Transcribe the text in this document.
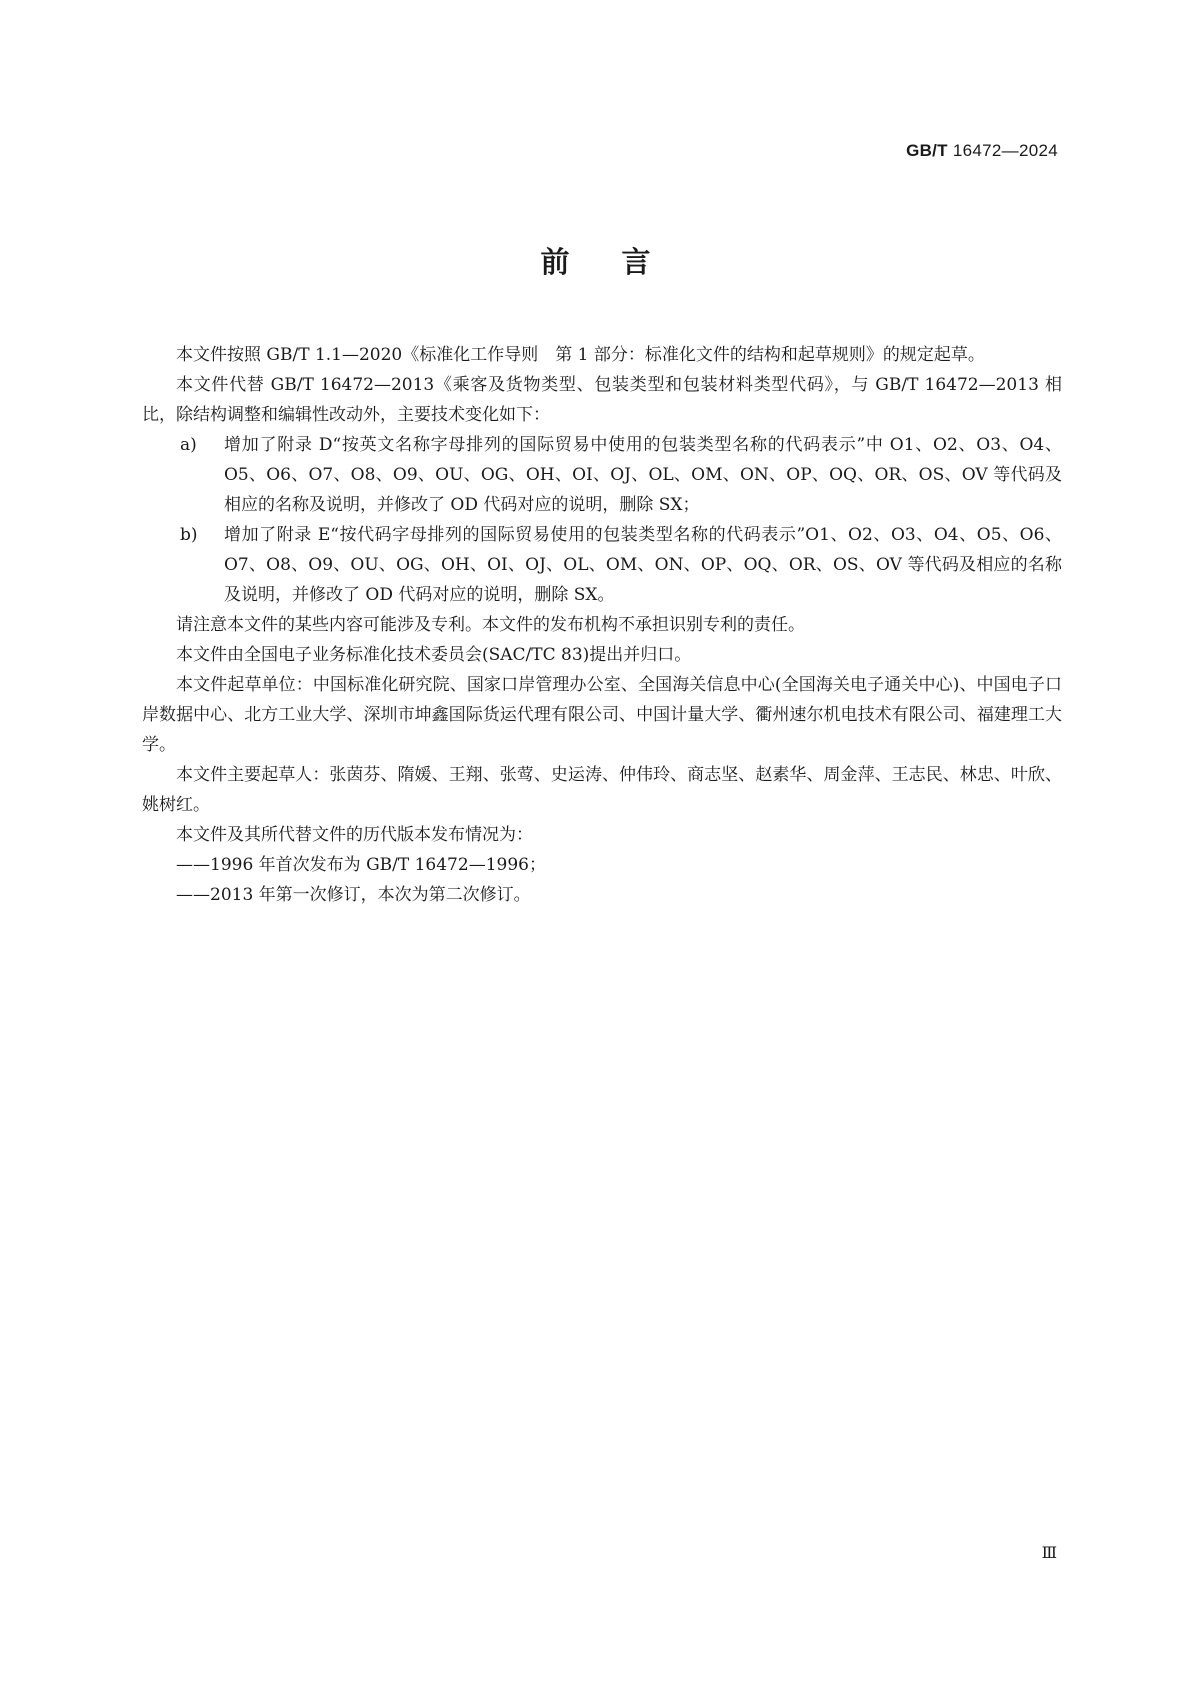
GB/T 16472—2024
前言

本文件按照 GB/T 1.1—2020《标准化工作导则　第 1 部分：标准化文件的结构和起草规则》的规定起草。

本文件代替 GB/T 16472—2013《乘客及货物类型、包装类型和包装材料类型代码》，与 GB/T 16472—2013 相比，除结构调整和编辑性改动外，主要技术变化如下：

a)	增加了附录 D“按英文名称字母排列的国际贸易中使用的包装类型名称的代码表示”中 O1、O2、O3、O4、O5、O6、O7、O8、O9、OU、OG、OH、OI、OJ、OL、OM、ON、OP、OQ、OR、OS、OV 等代码及相应的名称及说明，并修改了 OD 代码对应的说明，删除 SX；
b)	增加了附录 E“按代码字母排列的国际贸易使用的包装类型名称的代码表示”O1、O2、O3、O4、O5、O6、O7、O8、O9、OU、OG、OH、OI、OJ、OL、OM、ON、OP、OQ、OR、OS、OV 等代码及相应的名称及说明，并修改了 OD 代码对应的说明，删除 SX。

请注意本文件的某些内容可能涉及专利。本文件的发布机构不承担识别专利的责任。

本文件由全国电子业务标准化技术委员会(SAC/TC 83)提出并归口。

本文件起草单位：中国标准化研究院、国家口岸管理办公室、全国海关信息中心(全国海关电子通关中心)、中国电子口岸数据中心、北方工业大学、深圳市坤鑫国际货运代理有限公司、中国计量大学、衢州速尔机电技术有限公司、福建理工大学。

本文件主要起草人：张茵芬、隋媛、王翔、张莺、史运涛、仲伟玲、商志坚、赵素华、周金萍、王志民、林忠、叶欣、姚树红。

本文件及其所代替文件的历代版本发布情况为：

——1996 年首次发布为 GB/T 16472—1996；

——2013 年第一次修订，本次为第二次修订。

Ⅲ
